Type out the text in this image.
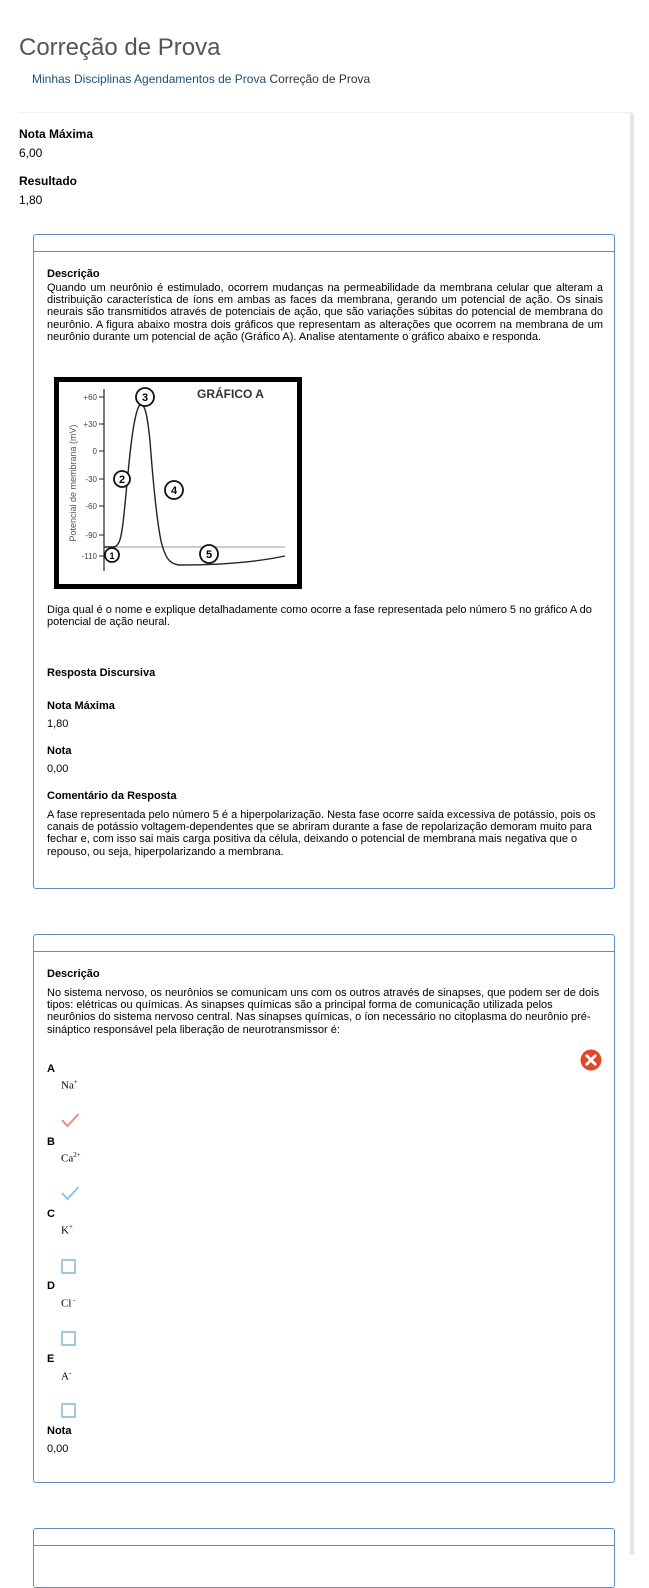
Correção de Prova
Minhas Disciplinas Agendamentos de Prova Correção de Prova
Nota Máxima
6,00
Resultado
1,80
Descrição

Quando um neurônio é estimulado, ocorrem mudanças na permeabilidade da membrana celular que alteram a distribuição característica de íons em ambas as faces da membrana, gerando um potencial de ação. Os sinais neurais são transmitidos através de potenciais de ação, que são variações súbitas do potencial de membrana do neurônio. A figura abaixo mostra dois gráficos que representam as alterações que ocorrem na membrana de um neurônio durante um potencial de ação (Gráfico A). Analise atentamente o gráfico abaixo e responda.

GRÁFICO A
Potencial de membrana (mV)
+60
+30
0
-30
-60
-90
-110 1
2
3
4
5

Diga qual é o nome e explique detalhadamente como ocorre a fase representada pelo número 5 no gráfico A do potencial de ação neural.

Resposta Discursiva
Nota Máxima
1,80
Nota
0,00
Comentário da Resposta

A fase representada pelo número 5 é a hiperpolarização. Nesta fase ocorre saída excessiva de potássio, pois os canais de potássio voltagem-dependentes que se abriram durante a fase de repolarização demoram muito para fechar e, com isso sai mais carga positiva da célula, deixando o potencial de membrana mais negativa que o repouso, ou seja, hiperpolarizando a membrana.

Descrição

No sistema nervoso, os neurônios se comunicam uns com os outros através de sinapses, que podem ser de dois tipos: elétricas ou químicas. As sinapses químicas são a principal forma de comunicação utilizada pelos neurônios do sistema nervoso central. Nas sinapses químicas, o íon necessário no citoplasma do neurônio pré-sináptico responsável pela liberação de neurotransmissor é:

A
Na+
B
$Ca^{2+}$
C
K+
D
Cl -
E
A-
Nota
0,00
